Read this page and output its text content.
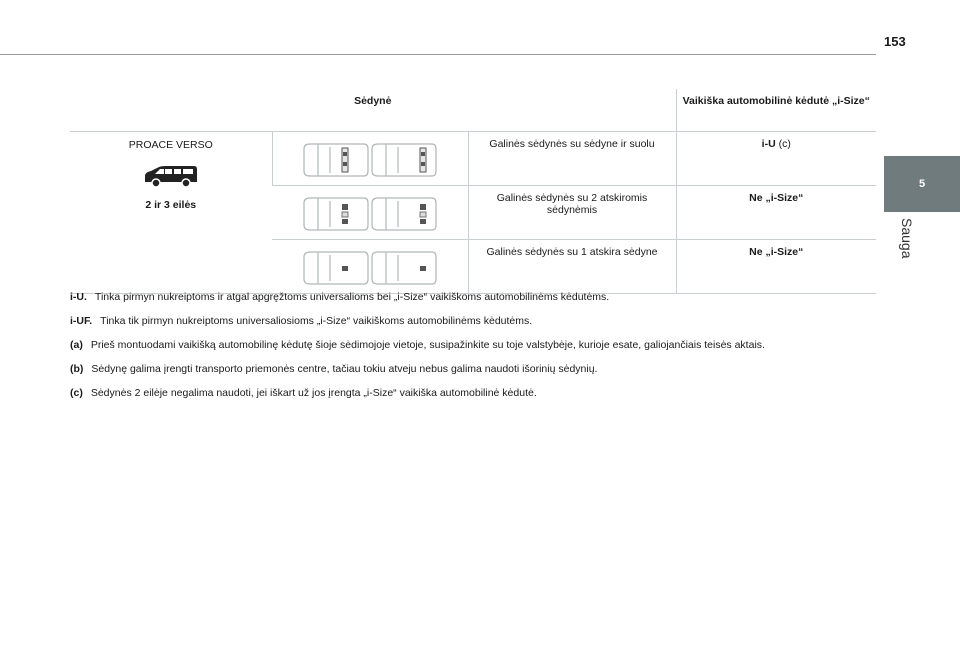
153
5
Sauga
Sėdynė			Vaikiška automobilinė kėdutė „i-Size“

PROACE VERSO
2 ir 3 eilės		Galinės sėdynės su sėdyne ir suolu	i-U (c)

	Galinės sėdynės su 2 atskiromis sėdynėmis	Ne „i-Size“

	Galinės sėdynės su 1 atskira sėdyne	Ne „i-Size“
i-U. Tinka pirmyn nukreiptoms ir atgal apgręžtoms universalioms bei „i-Size“ vaikiškoms automobilinėms kėdutėms.
i-UF. Tinka tik pirmyn nukreiptoms universaliosioms „i-Size“ vaikiškoms automobilinėms kėdutėms.
(a) Prieš montuodami vaikišką automobilinę kėdutę šioje sėdimojoje vietoje, susipažinkite su toje valstybėje, kurioje esate, galiojančiais teisės aktais.
(b) Sėdynę galima įrengti transporto priemonės centre, tačiau tokiu atveju nebus galima naudoti išorinių sėdynių.
(c) Sėdynės 2 eilėje negalima naudoti, jei iškart už jos įrengta „i-Size“ vaikiška automobilinė kėdutė.
